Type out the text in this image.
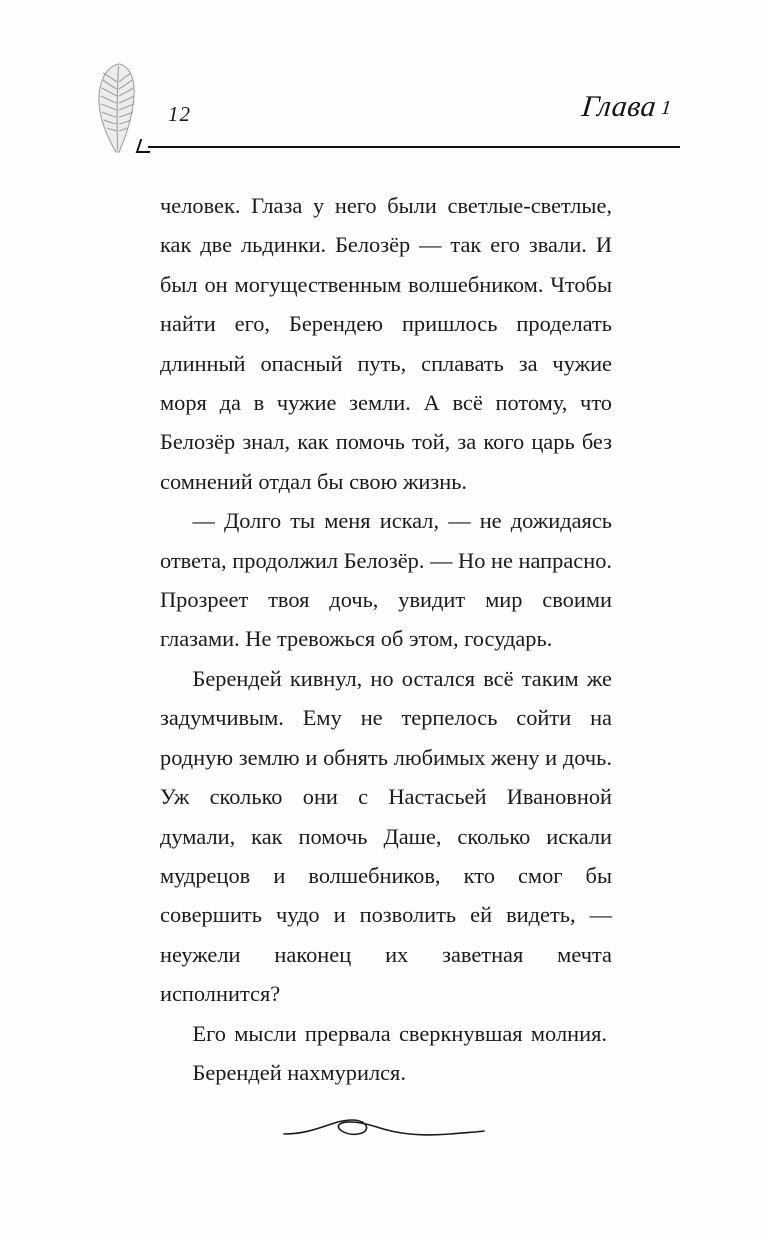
12	Глава1

человек. Глаза у него были светлые-светлые, как две льдинки. Белозёр — так его звали. И был он могущественным волшебником. Чтобы найти его, Берендею пришлось проделать длинный опасный путь, сплавать за чужие моря да в чужие земли. А всё потому, что Белозёр знал, как помочь той, за кого царь без сомнений отдал бы свою жизнь.

— Долго ты меня искал, — не дожидаясь ответа, продолжил Белозёр. — Но не напрасно. Прозреет твоя дочь, увидит мир своими глазами. Не тревожься об этом, государь.

Берендей кивнул, но остался всё таким же задумчивым. Ему не терпелось сойти на родную землю и обнять любимых жену и дочь. Уж сколько они с Настасьей Ивановной думали, как помочь Даше, сколько искали мудрецов и волшебников, кто смог бы совершить чудо и позволить ей видеть, — неужели наконец их заветная мечта исполнится?

Его мысли прервала сверкнувшая молния.

Берендей нахмурился.
